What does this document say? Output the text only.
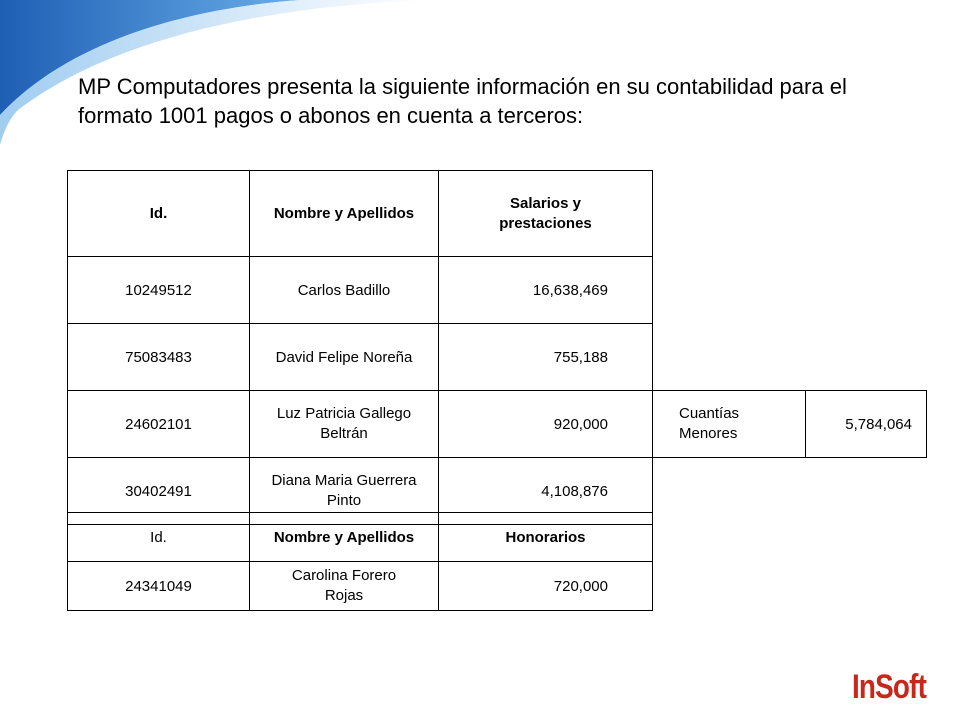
MP Computadores presenta la siguiente información en su contabilidad para el formato 1001 pagos o abonos en cuenta a terceros:

Id.	Nombre y Apellidos	Salarios y prestaciones		
10249512	Carlos Badillo	16,638,469		
75083483	David Felipe Noreña	755,188		
24602101	Luz Patricia Gallego Beltrán	920,000	Cuantías Menores	5,784,064
30402491	Diana Maria Guerrera Pinto	4,108,876		
Id.	Nombre y Apellidos	Honorarios
24341049	Carolina Forero Rojas	720,000
InSoft
